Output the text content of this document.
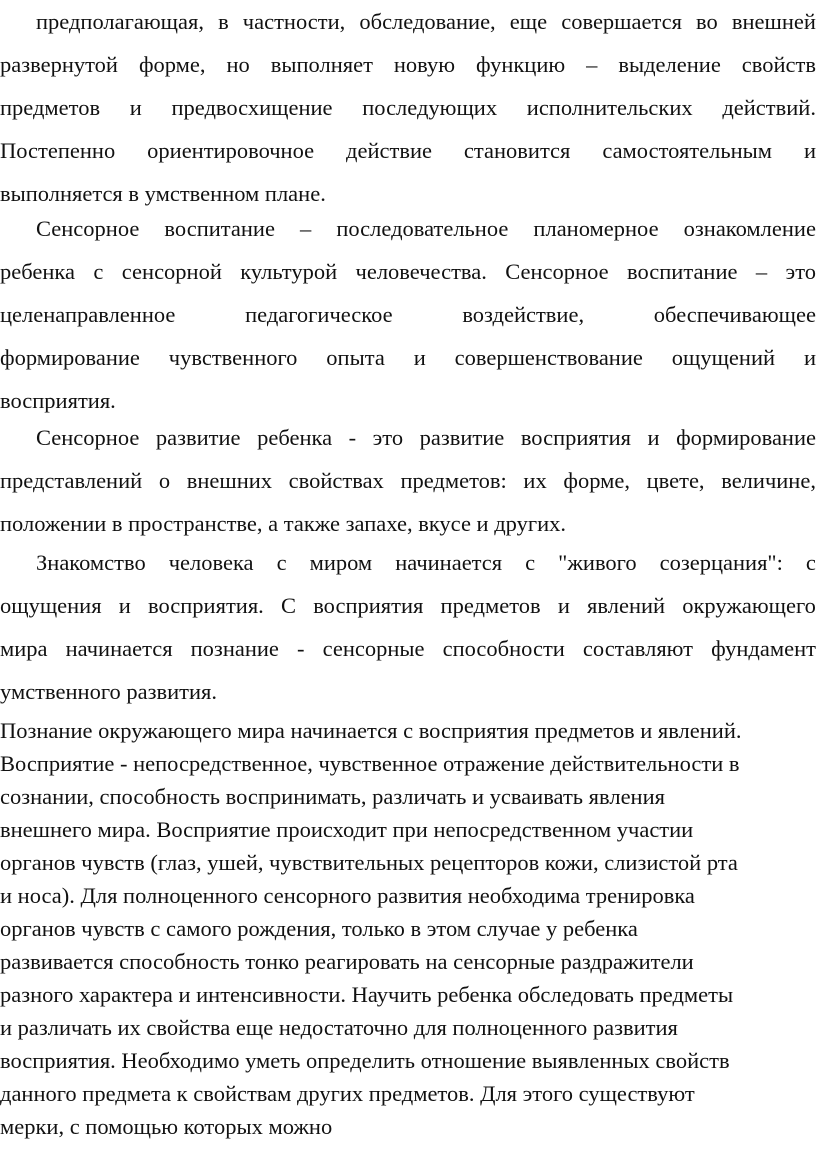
предполагающая, в частности, обследование, еще совершается во внешней
развернутой форме, но выполняет новую функцию – выделение свойств
предметов и предвосхищение последующих исполнительских действий.
Постепенно ориентировочное действие становится самостоятельным и
выполняется в умственном плане.
Сенсорное воспитание – последовательное планомерное ознакомление
ребенка с сенсорной культурой человечества. Сенсорное воспитание – это
целенаправленное	педагогическое	воздействие,	обеспечивающее
формирование чувственного опыта и совершенствование ощущений и
восприятия.
Сенсорное развитие ребенка - это развитие восприятия и формирование
представлений о внешних свойствах предметов: их форме, цвете, величине,
положении в пространстве, а также запахе, вкусе и других.
Знакомство человека с миром начинается с "живого созерцания": с
ощущения и восприятия. С восприятия предметов и явлений окружающего
мира начинается познание - сенсорные способности составляют фундамент
умственного развития.
Познание окружающего мира начинается с восприятия предметов и явлений.
Восприятие - непосредственное, чувственное отражение действительности в
сознании, способность воспринимать, различать и усваивать явления
внешнего мира. Восприятие происходит при непосредственном участии
органов чувств (глаз, ушей, чувствительных рецепторов кожи, слизистой рта
и носа). Для полноценного сенсорного развития необходима тренировка
органов чувств с самого рождения, только в этом случае у ребенка
развивается способность тонко реагировать на сенсорные раздражители
разного характера и интенсивности. Научить ребенка обследовать предметы
и различать их свойства еще недостаточно для полноценного развития
восприятия. Необходимо уметь определить отношение выявленных свойств
данного предмета к свойствам других предметов. Для этого существуют
мерки, с помощью которых можно
